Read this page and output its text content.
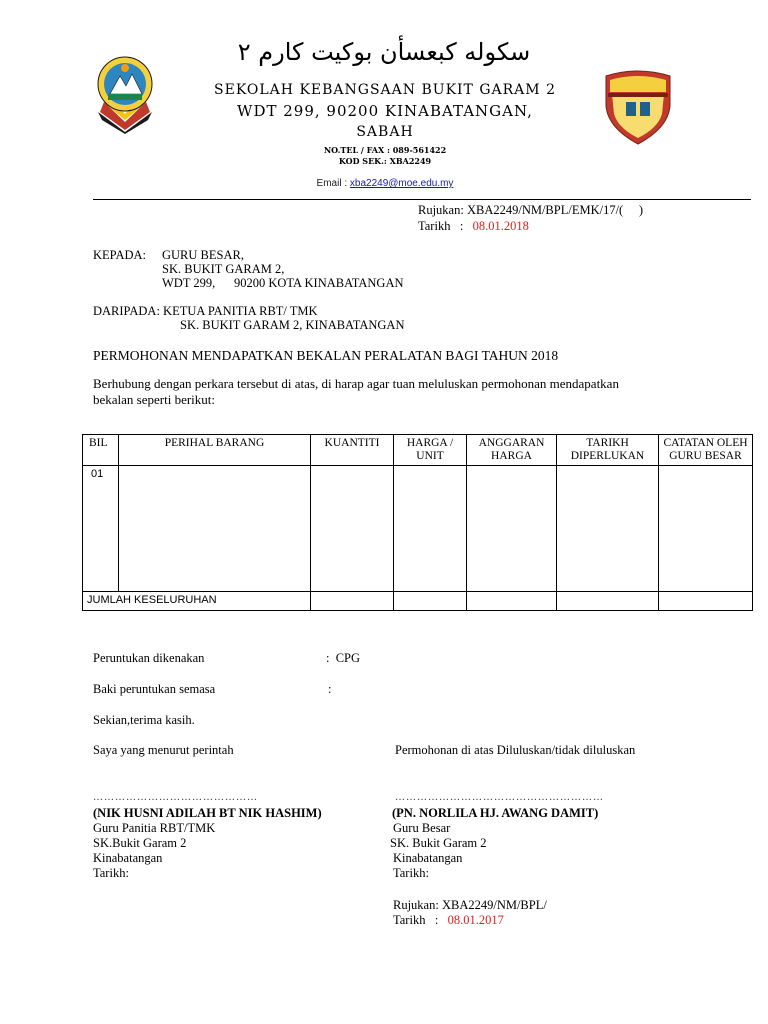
سكوله كبعسأن بوكيت كارم ٢
SEKOLAH KEBANGSAAN BUKIT GARAM 2
WDT 299, 90200 KINABATANGAN,
SABAH
NO.TEL / FAX : 089-561422
KOD SEK.: XBA2249
Email : xba2249@moe.edu.my
Rujukan: XBA2249/NM/BPL/EMK/17/(     )
Tarikh   :   08.01.2018
KEPADA: GURU BESAR,
SK. BUKIT GARAM 2,
WDT 299,      90200 KOTA KINABATANGAN
DARIPADA: KETUA PANITIA RBT/ TMK
SK. BUKIT GARAM 2, KINABATANGAN
PERMOHONAN MENDAPATKAN BEKALAN PERALATAN BAGI TAHUN 2018
Berhubung dengan perkara tersebut di atas, di harap agar tuan meluluskan permohonan mendapatkan
bekalan seperti berikut:
BIL	PERIHAL BARANG	KUANTITI	HARGA / UNIT	ANGGARAN HARGA	TARIKH DIPERLUKAN	CATATAN OLEH GURU BESAR
01						
JUMLAH KESELURUHAN						
Peruntukan dikenakan	:  CPG
Baki peruntukan semasa	:
Sekian,terima kasih.
Saya yang menurut perintah	Permohonan di atas Diluluskan/tidak diluluskan
………………………………………	…………………………………………………
(NIK HUSNI ADILAH BT NIK HASHIM)
Guru Panitia RBT/TMK
SK.Bukit Garam 2
Kinabatangan
Tarikh:
(PN. NORLILA HJ. AWANG DAMIT)
Guru Besar
SK. Bukit Garam 2
Kinabatangan
Tarikh:
Rujukan: XBA2249/NM/BPL/
Tarikh   :   08.01.2017
